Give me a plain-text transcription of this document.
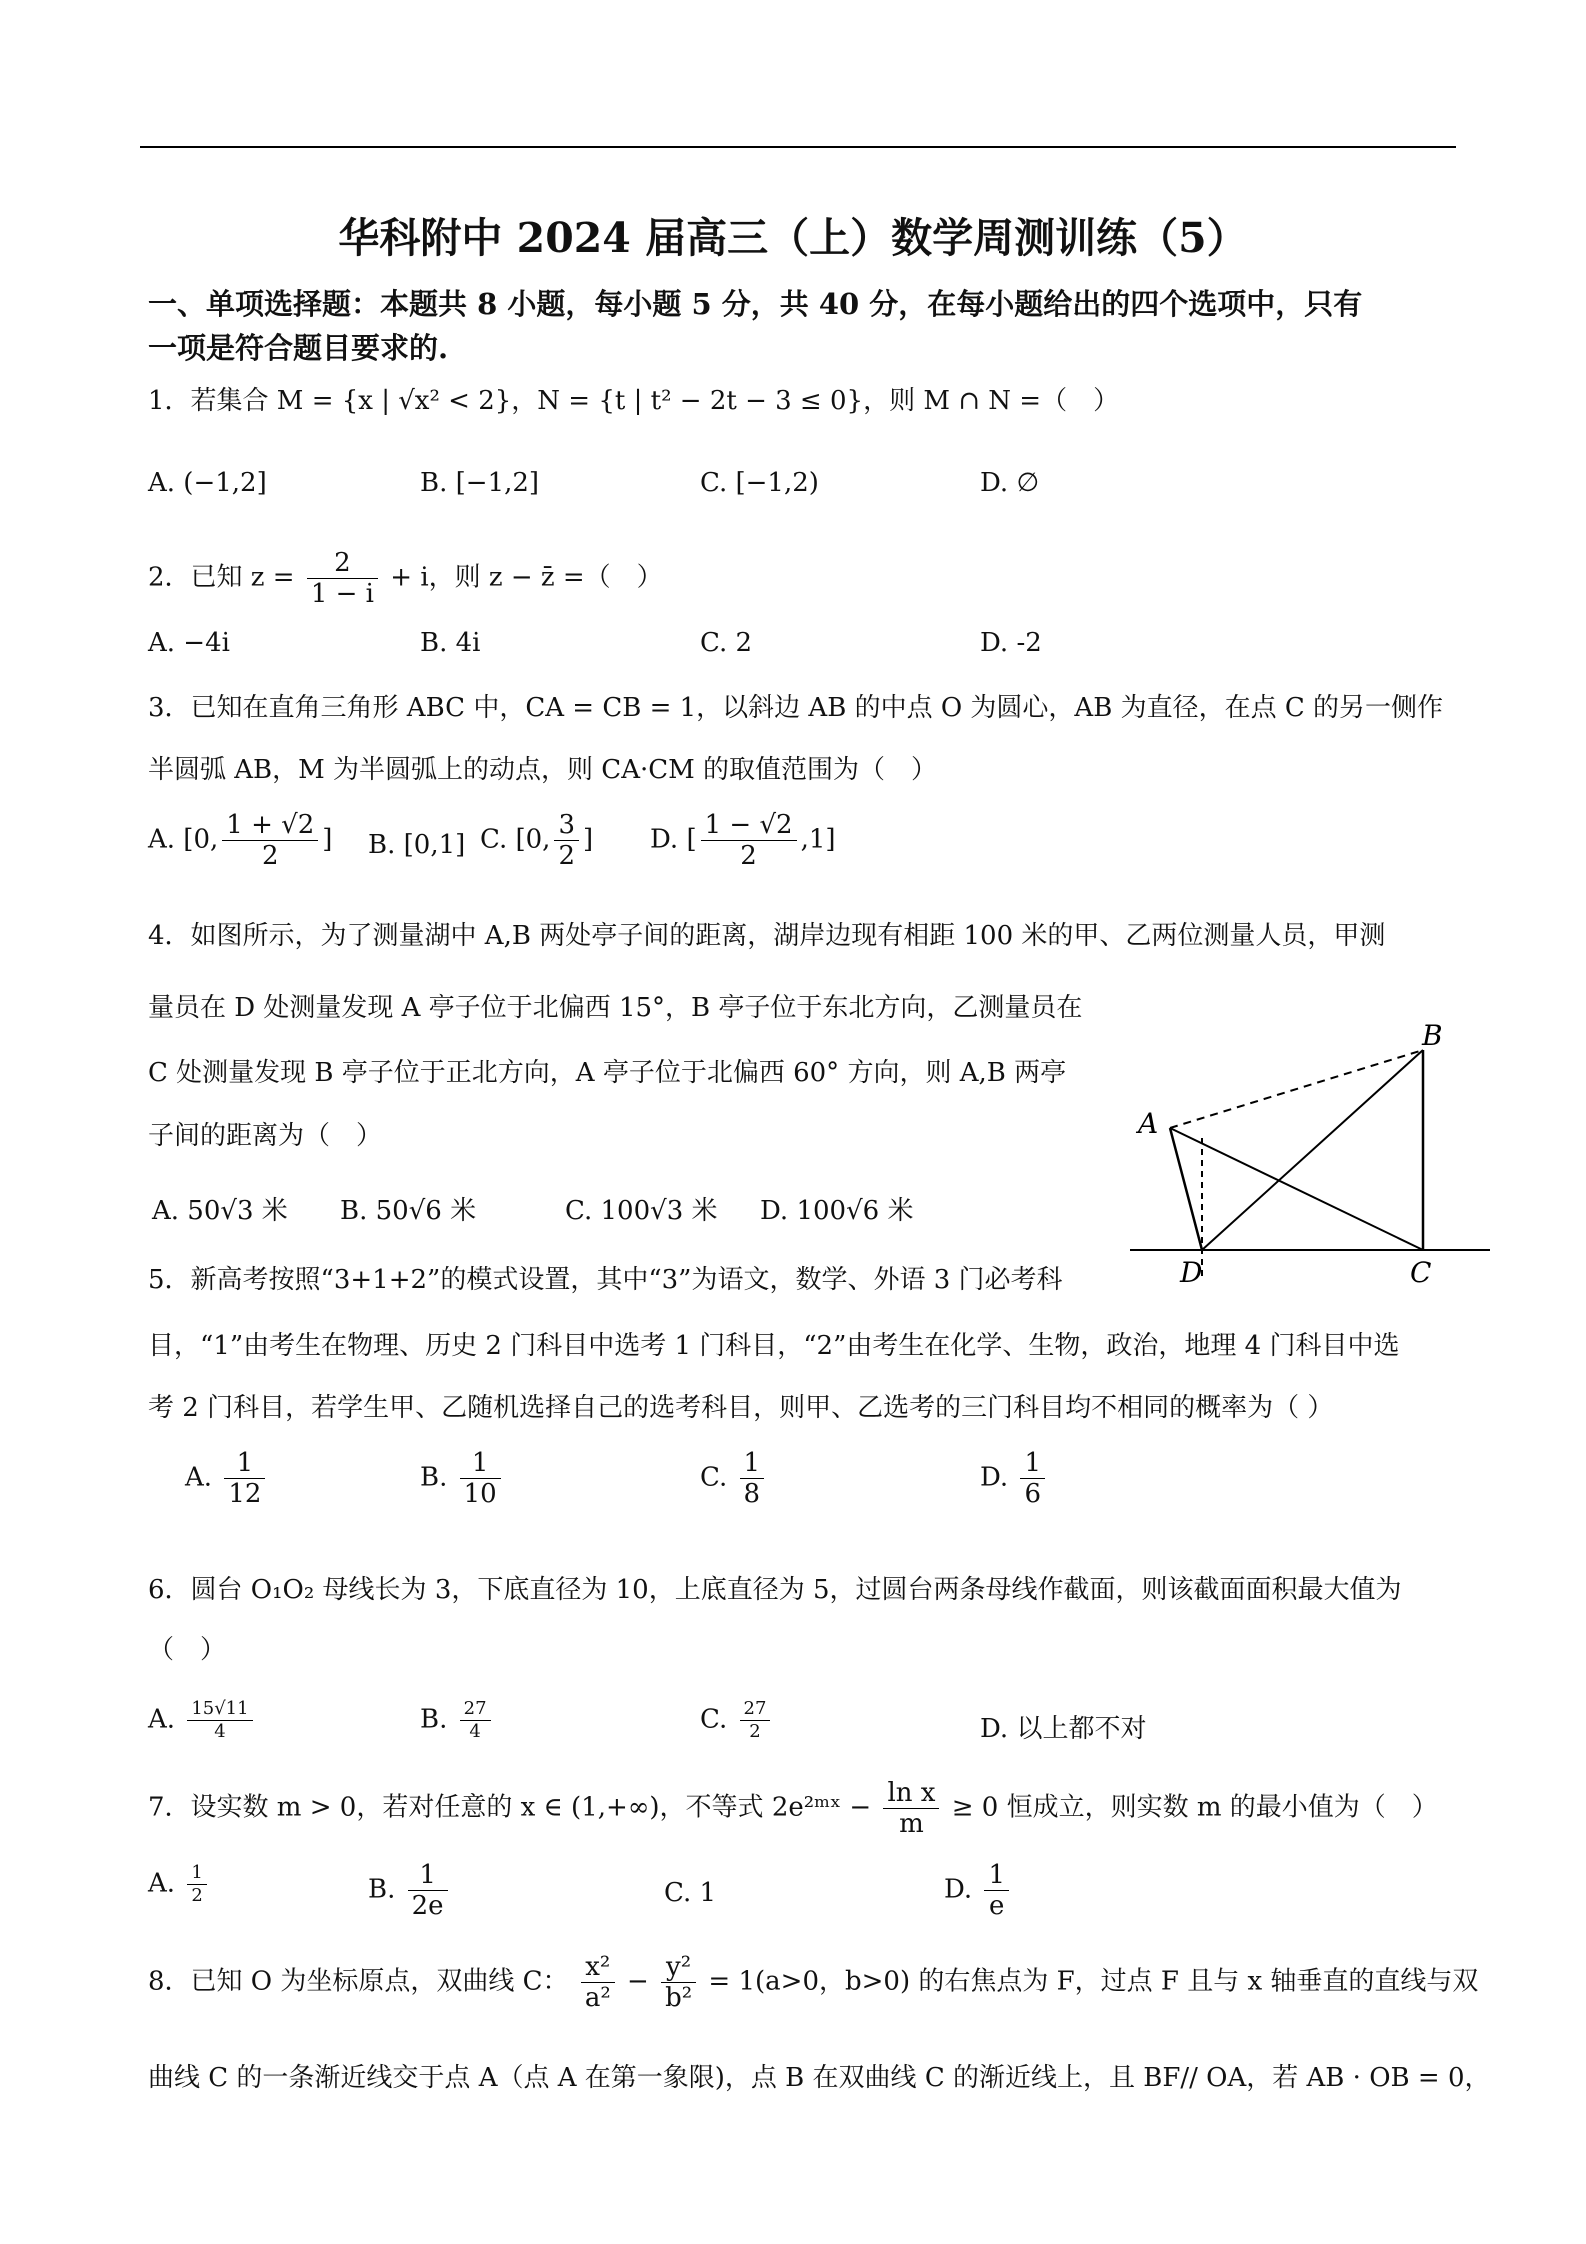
华科附中 2024 届高三（上）数学周测训练（5）
一、单项选择题：本题共 8 小题，每小题 5 分，共 40 分，在每小题给出的四个选项中，只有
一项是符合题目要求的.
1．若集合 M = {x | √x² < 2}，N = {t | t² − 2t − 3 ≤ 0}，则 M ∩ N =（　）
A. (−1,2]	B. [−1,2]	C. [−1,2)	D. ∅
2．已知 $z = \frac{2}{1 - i} + i$，则 z − z̄ =（　）
A. −4i	B. 4i	C. 2	D. -2
3．已知在直角三角形 ABC 中，CA = CB = 1，以斜边 AB 的中点 O 为圆心，AB 为直径，在点 C 的另一侧作
半圆弧 AB，M 为半圆弧上的动点，则 CA·CM 的取值范围为（　）
A. [0, $\frac{1 + √2}{2}$ ] B. [0,1] C. [0, $\frac{3}{2}$ ] D. [ $\frac{1 - √2}{2} ,1$]
4．如图所示，为了测量湖中 A,B 两处亭子间的距离，湖岸边现有相距 100 米的甲、乙两位测量人员，甲测
量员在 D 处测量发现 A 亭子位于北偏西 15°，B 亭子位于东北方向，乙测量员在
C 处测量发现 B 亭子位于正北方向，A 亭子位于北偏西 60° 方向，则 A,B 两亭
子间的距离为（　）
A. 50√3 米 B. 50√6 米	C. 100√3 米 D. 100√6 米
B
A
D	C
5．新高考按照“3+1+2”的模式设置，其中“3”为语文，数学、外语 3 门必考科
目，“1”由考生在物理、历史 2 门科目中选考 1 门科目，“2”由考生在化学、生物，政治，地理 4 门科目中选
考 2 门科目，若学生甲、乙随机选择自己的选考科目，则甲、乙选考的三门科目均不相同的概率为（ ）
A. $\frac{1}{12}$	B. $\frac{1}{10}$	C. $\frac{1}{8}$	D. $\frac{1}{6}$
6．圆台 O₁O₂ 母线长为 3，下底直径为 10，上底直径为 5，过圆台两条母线作截面，则该截面面积最大值为
（　）
A. $\frac{15√11}{4}$	B. $\frac{27}{4}$	C. $\frac{27}{2}$	D. 以上都不对
7．设实数 m > 0，若对任意的 x ∈ (1,+∞)，不等式 2e²ᵐˣ − $\frac{\text{ln x}}{m} \ge 0$ 恒成立，则实数 m 的最小值为（　）
A. $\frac{1}{2}$	B. $\frac{1}{2e}$	C. 1	D. $\frac{1}{e}$
8．已知 O 为坐标原点，双曲线 C： $\frac{\text{x²}}{\text{a²}} - \frac{\text{y²}}{\text{b²}} = 1(a>0$，b>0) 的右焦点为 F，过点 F 且与 x 轴垂直的直线与双
曲线 C 的一条渐近线交于点 A（点 A 在第一象限)，点 B 在双曲线 C 的渐近线上，且 BF// OA，若 AB · OB = 0，
